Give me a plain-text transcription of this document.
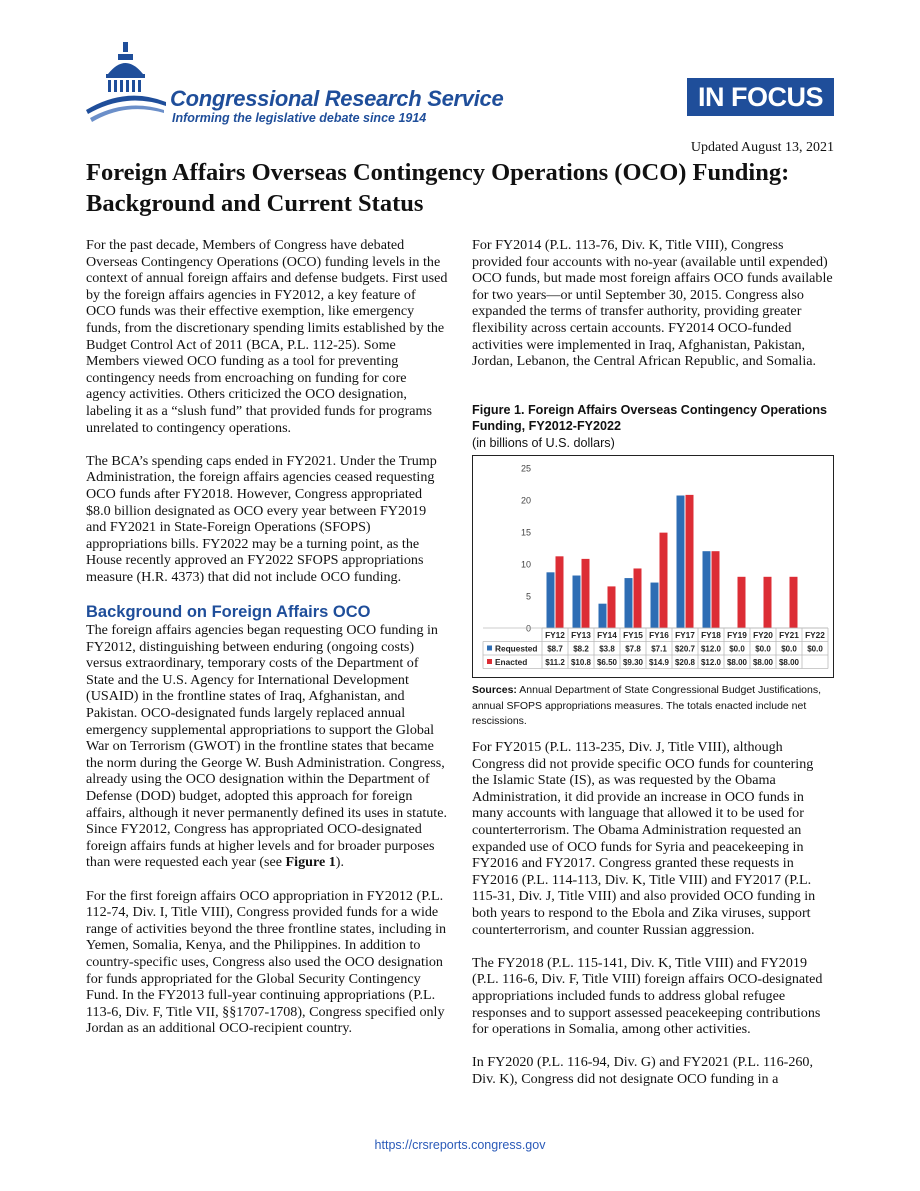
Congressional Research Service
Informing the legislative debate since 1914
IN FOCUS
Updated August 13, 2021
Foreign Affairs Overseas Contingency Operations (OCO) Funding: Background and Current Status

For the past decade, Members of Congress have debated Overseas Contingency Operations (OCO) funding levels in the context of annual foreign affairs and defense budgets. First used by the foreign affairs agencies in FY2012, a key feature of OCO funds was their effective exemption, like emergency funds, from the discretionary spending limits established by the Budget Control Act of 2011 (BCA, P.L. 112-25). Some Members viewed OCO funding as a tool for preventing contingency needs from encroaching on funding for core agency activities. Others criticized the OCO designation, labeling it as a “slush fund” that provided funds for programs unrelated to contingency operations.

The BCA’s spending caps ended in FY2021. Under the Trump Administration, the foreign affairs agencies ceased requesting OCO funds after FY2018. However, Congress appropriated $8.0 billion designated as OCO every year between FY2019 and FY2021 in State-Foreign Operations (SFOPS) appropriations bills. FY2022 may be a turning point, as the House recently approved an FY2022 SFOPS appropriations measure (H.R. 4373) that did not include OCO funding.

Background on Foreign Affairs OCO

The foreign affairs agencies began requesting OCO funding in FY2012, distinguishing between enduring (ongoing costs) versus extraordinary, temporary costs of the Department of State and the U.S. Agency for International Development (USAID) in the frontline states of Iraq, Afghanistan, and Pakistan. OCO-designated funds largely replaced annual emergency supplemental appropriations to support the Global War on Terrorism (GWOT) in the frontline states that became the norm during the George W. Bush Administration. Congress, already using the OCO designation within the Department of Defense (DOD) budget, adopted this approach for foreign affairs, although it never permanently defined its uses in statute. Since FY2012, Congress has appropriated OCO-designated foreign affairs funds at higher levels and for broader purposes than were requested each year (see Figure 1).

For the first foreign affairs OCO appropriation in FY2012 (P.L. 112-74, Div. I, Title VIII), Congress provided funds for a wide range of activities beyond the three frontline states, including in Yemen, Somalia, Kenya, and the Philippines. In addition to country-specific uses, Congress also used the OCO designation for funds appropriated for the Global Security Contingency Fund. In the FY2013 full-year continuing appropriations (P.L. 113-6, Div. F, Title VII, §§1707-1708), Congress specified only Jordan as an additional OCO-recipient country.

For FY2014 (P.L. 113-76, Div. K, Title VIII), Congress provided four accounts with no-year (available until expended) OCO funds, but made most foreign affairs OCO funds available for two years—or until September 30, 2015. Congress also expanded the terms of transfer authority, providing greater flexibility across certain accounts. FY2014 OCO-funded activities were implemented in Iraq, Afghanistan, Pakistan, Jordan, Lebanon, the Central African Republic, and Somalia.

Figure 1. Foreign Affairs Overseas Contingency Operations Funding, FY2012-FY2022
(in billions of U.S. dollars)
0
5
10
15
20
25
FY12 FY13 FY14 FY15 FY16 FY17 FY18 FY19 FY20 FY21 FY22
Requested $8.7 $8.2 $3.8 $7.8 $7.1 $20.7 $12.0 $0.0 $0.0 $0.0 $0.0
Enacted $11.2 $10.8 $6.50 $9.30 $14.9 $20.8 $12.0 $8.00 $8.00 $8.00
Sources: Annual Department of State Congressional Budget Justifications, annual SFOPS appropriations measures. The totals enacted include net rescissions.

For FY2015 (P.L. 113-235, Div. J, Title VIII), although Congress did not provide specific OCO funds for countering the Islamic State (IS), as was requested by the Obama Administration, it did provide an increase in OCO funds in many accounts with language that allowed it to be used for counterterrorism. The Obama Administration requested an expanded use of OCO funds for Syria and peacekeeping in FY2016 and FY2017. Congress granted these requests in FY2016 (P.L. 114-113, Div. K, Title VIII) and FY2017 (P.L. 115-31, Div. J, Title VIII) and also provided OCO funding in both years to respond to the Ebola and Zika viruses, support counterterrorism, and counter Russian aggression.

The FY2018 (P.L. 115-141, Div. K, Title VIII) and FY2019 (P.L. 116-6, Div. F, Title VIII) foreign affairs OCO-designated appropriations included funds to address global refugee responses and to support assessed peacekeeping contributions for operations in Somalia, among other activities.

In FY2020 (P.L. 116-94, Div. G) and FY2021 (P.L. 116-260, Div. K), Congress did not designate OCO funding in a

https://crsreports.congress.gov
